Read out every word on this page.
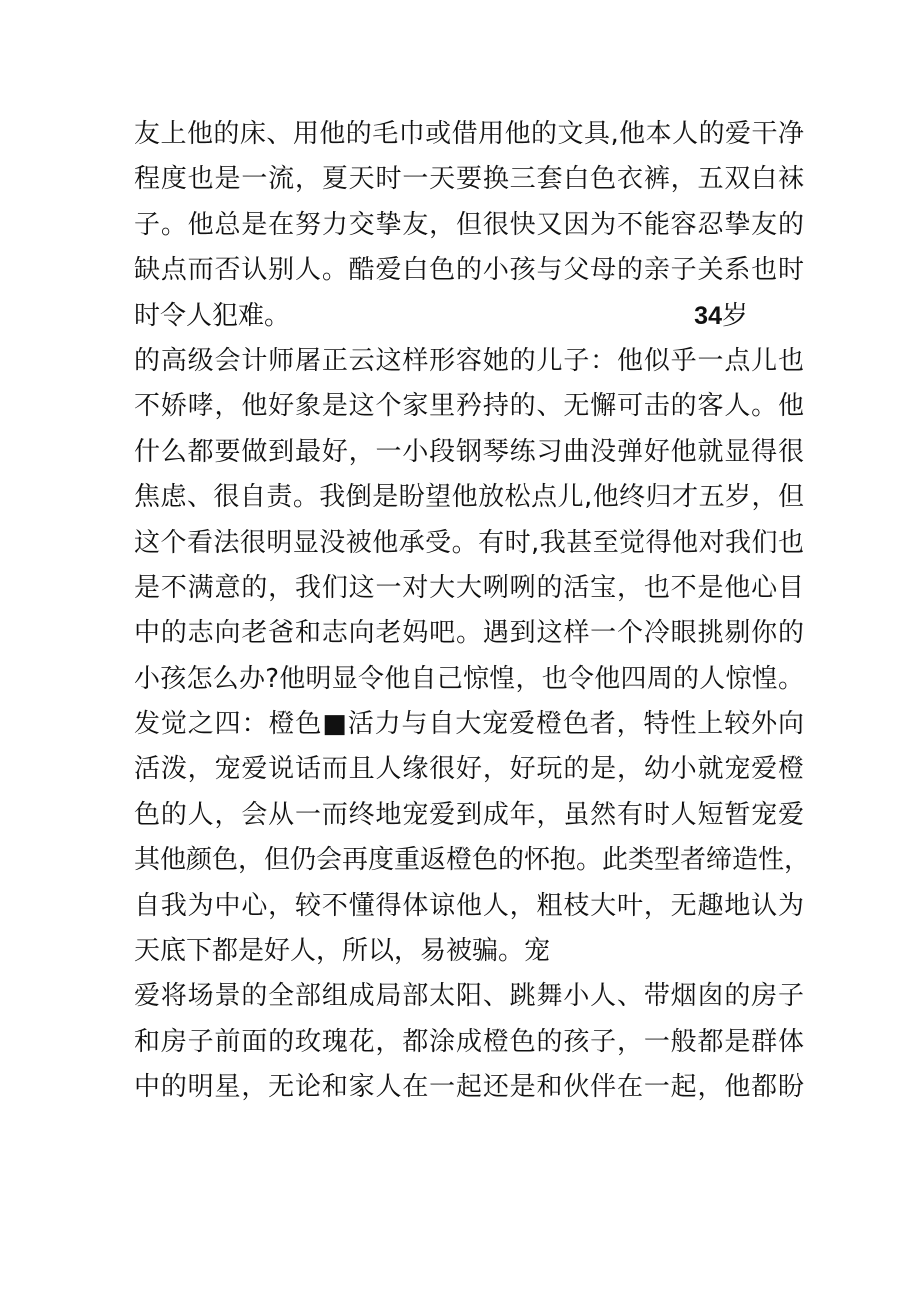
友上他的床、用他的毛巾或借用他的文具,他本人的爱干净
程度也是一流，夏天时一天要换三套白色衣裤，五双白袜
子。他总是在努力交挚友，但很快又因为不能容忍挚友的
缺点而否认别人。酷爱白色的小孩与父母的亲子关系也时
时令人犯难。	34岁
的高级会计师屠正云这样形容她的儿子：他似乎一点儿也
不娇哮，他好象是这个家里矜持的、无懈可击的客人。他
什么都要做到最好，一小段钢琴练习曲没弹好他就显得很
焦虑、很自责。我倒是盼望他放松点儿,他终归才五岁，但
这个看法很明显没被他承受。有时,我甚至觉得他对我们也
是不满意的，我们这一对大大咧咧的活宝，也不是他心目
中的志向老爸和志向老妈吧。遇到这样一个冷眼挑剔你的
小孩怎么办?他明显令他自己惊惶，也令他四周的人惊惶。
发觉之四：橙色■活力与自大宠爱橙色者，特性上较外向
活泼，宠爱说话而且人缘很好，好玩的是，幼小就宠爱橙
色的人，会从一而终地宠爱到成年，虽然有时人短暂宠爱
其他颜色，但仍会再度重返橙色的怀抱。此类型者缔造性，
自我为中心，较不懂得体谅他人，粗枝大叶，无趣地认为
天底下都是好人，所以，易被骗。宠
爱将场景的全部组成局部太阳、跳舞小人、带烟囱的房子
和房子前面的玫瑰花，都涂成橙色的孩子，一般都是群体
中的明星，无论和家人在一起还是和伙伴在一起，他都盼
